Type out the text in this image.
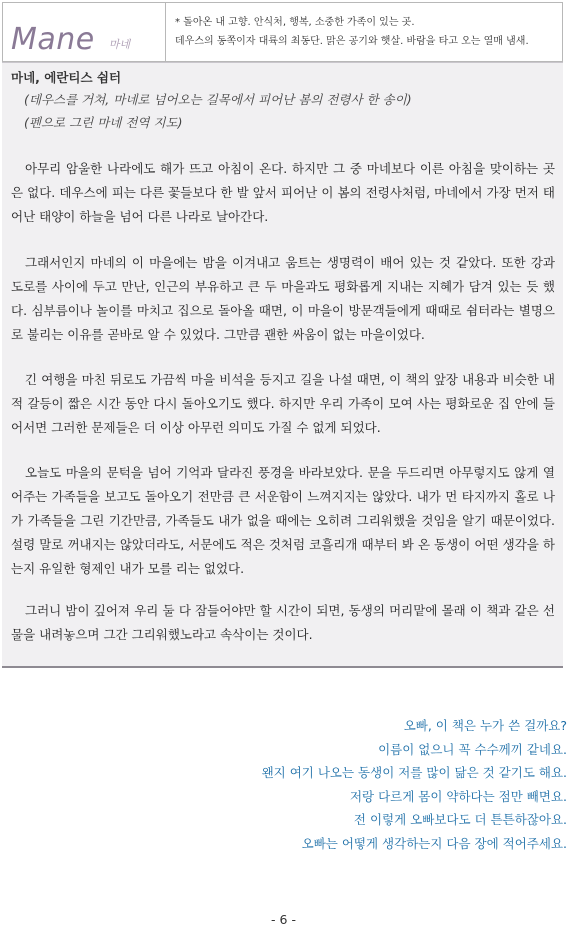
Mane 마네
* 돌아온 내 고향. 안식처, 행복, 소중한 가족이 있는 곳.
데우스의 동쪽이자 대륙의 최동단. 맑은 공기와 햇살. 바람을 타고 오는 열매 냄새.
마네, 에란티스 쉼터
(데우스를 거쳐, 마네로 넘어오는 길목에서 피어난 봄의 전령사 한 송이)
(펜으로 그린 마네 전역 지도)
아무리 암울한 나라에도 해가 뜨고 아침이 온다. 하지만 그 중 마네보다 이른 아침을 맞이하는 곳은 없다. 데우스에 피는 다른 꽃들보다 한 발 앞서 피어난 이 봄의 전령사처럼, 마네에서 가장 먼저 태어난 태양이 하늘을 넘어 다른 나라로 날아간다.
그래서인지 마네의 이 마을에는 밤을 이겨내고 움트는 생명력이 배어 있는 것 같았다. 또한 강과 도로를 사이에 두고 만난, 인근의 부유하고 큰 두 마을과도 평화롭게 지내는 지혜가 담겨 있는 듯 했다. 심부름이나 놀이를 마치고 집으로 돌아올 때면, 이 마을이 방문객들에게 때때로 쉼터라는 별명으로 불리는 이유를 곧바로 알 수 있었다. 그만큼 괜한 싸움이 없는 마을이었다.
긴 여행을 마친 뒤로도 가끔씩 마을 비석을 등지고 길을 나설 때면, 이 책의 앞장 내용과 비슷한 내적 갈등이 짧은 시간 동안 다시 돌아오기도 했다. 하지만 우리 가족이 모여 사는 평화로운 집 안에 들어서면 그러한 문제들은 더 이상 아무런 의미도 가질 수 없게 되었다.
오늘도 마을의 문턱을 넘어 기억과 달라진 풍경을 바라보았다. 문을 두드리면 아무렇지도 않게 열어주는 가족들을 보고도 돌아오기 전만큼 큰 서운함이 느껴지지는 않았다. 내가 먼 타지까지 홀로 나가 가족들을 그린 기간만큼, 가족들도 내가 없을 때에는 오히려 그리워했을 것임을 알기 때문이었다. 설령 말로 꺼내지는 않았더라도, 서문에도 적은 것처럼 코흘리개 때부터 봐 온 동생이 어떤 생각을 하는지 유일한 형제인 내가 모를 리는 없었다.
그러니 밤이 깊어져 우리 둘 다 잠들어야만 할 시간이 되면, 동생의 머리맡에 몰래 이 책과 같은 선물을 내려놓으며 그간 그리워했노라고 속삭이는 것이다.
오빠, 이 책은 누가 쓴 걸까요?
이름이 없으니 꼭 수수께끼 같네요.
왠지 여기 나오는 동생이 저를 많이 닮은 것 같기도 해요.
저랑 다르게 몸이 약하다는 점만 빼면요.
전 이렇게 오빠보다도 더 튼튼하잖아요.
오빠는 어떻게 생각하는지 다음 장에 적어주세요.
- 6 -
